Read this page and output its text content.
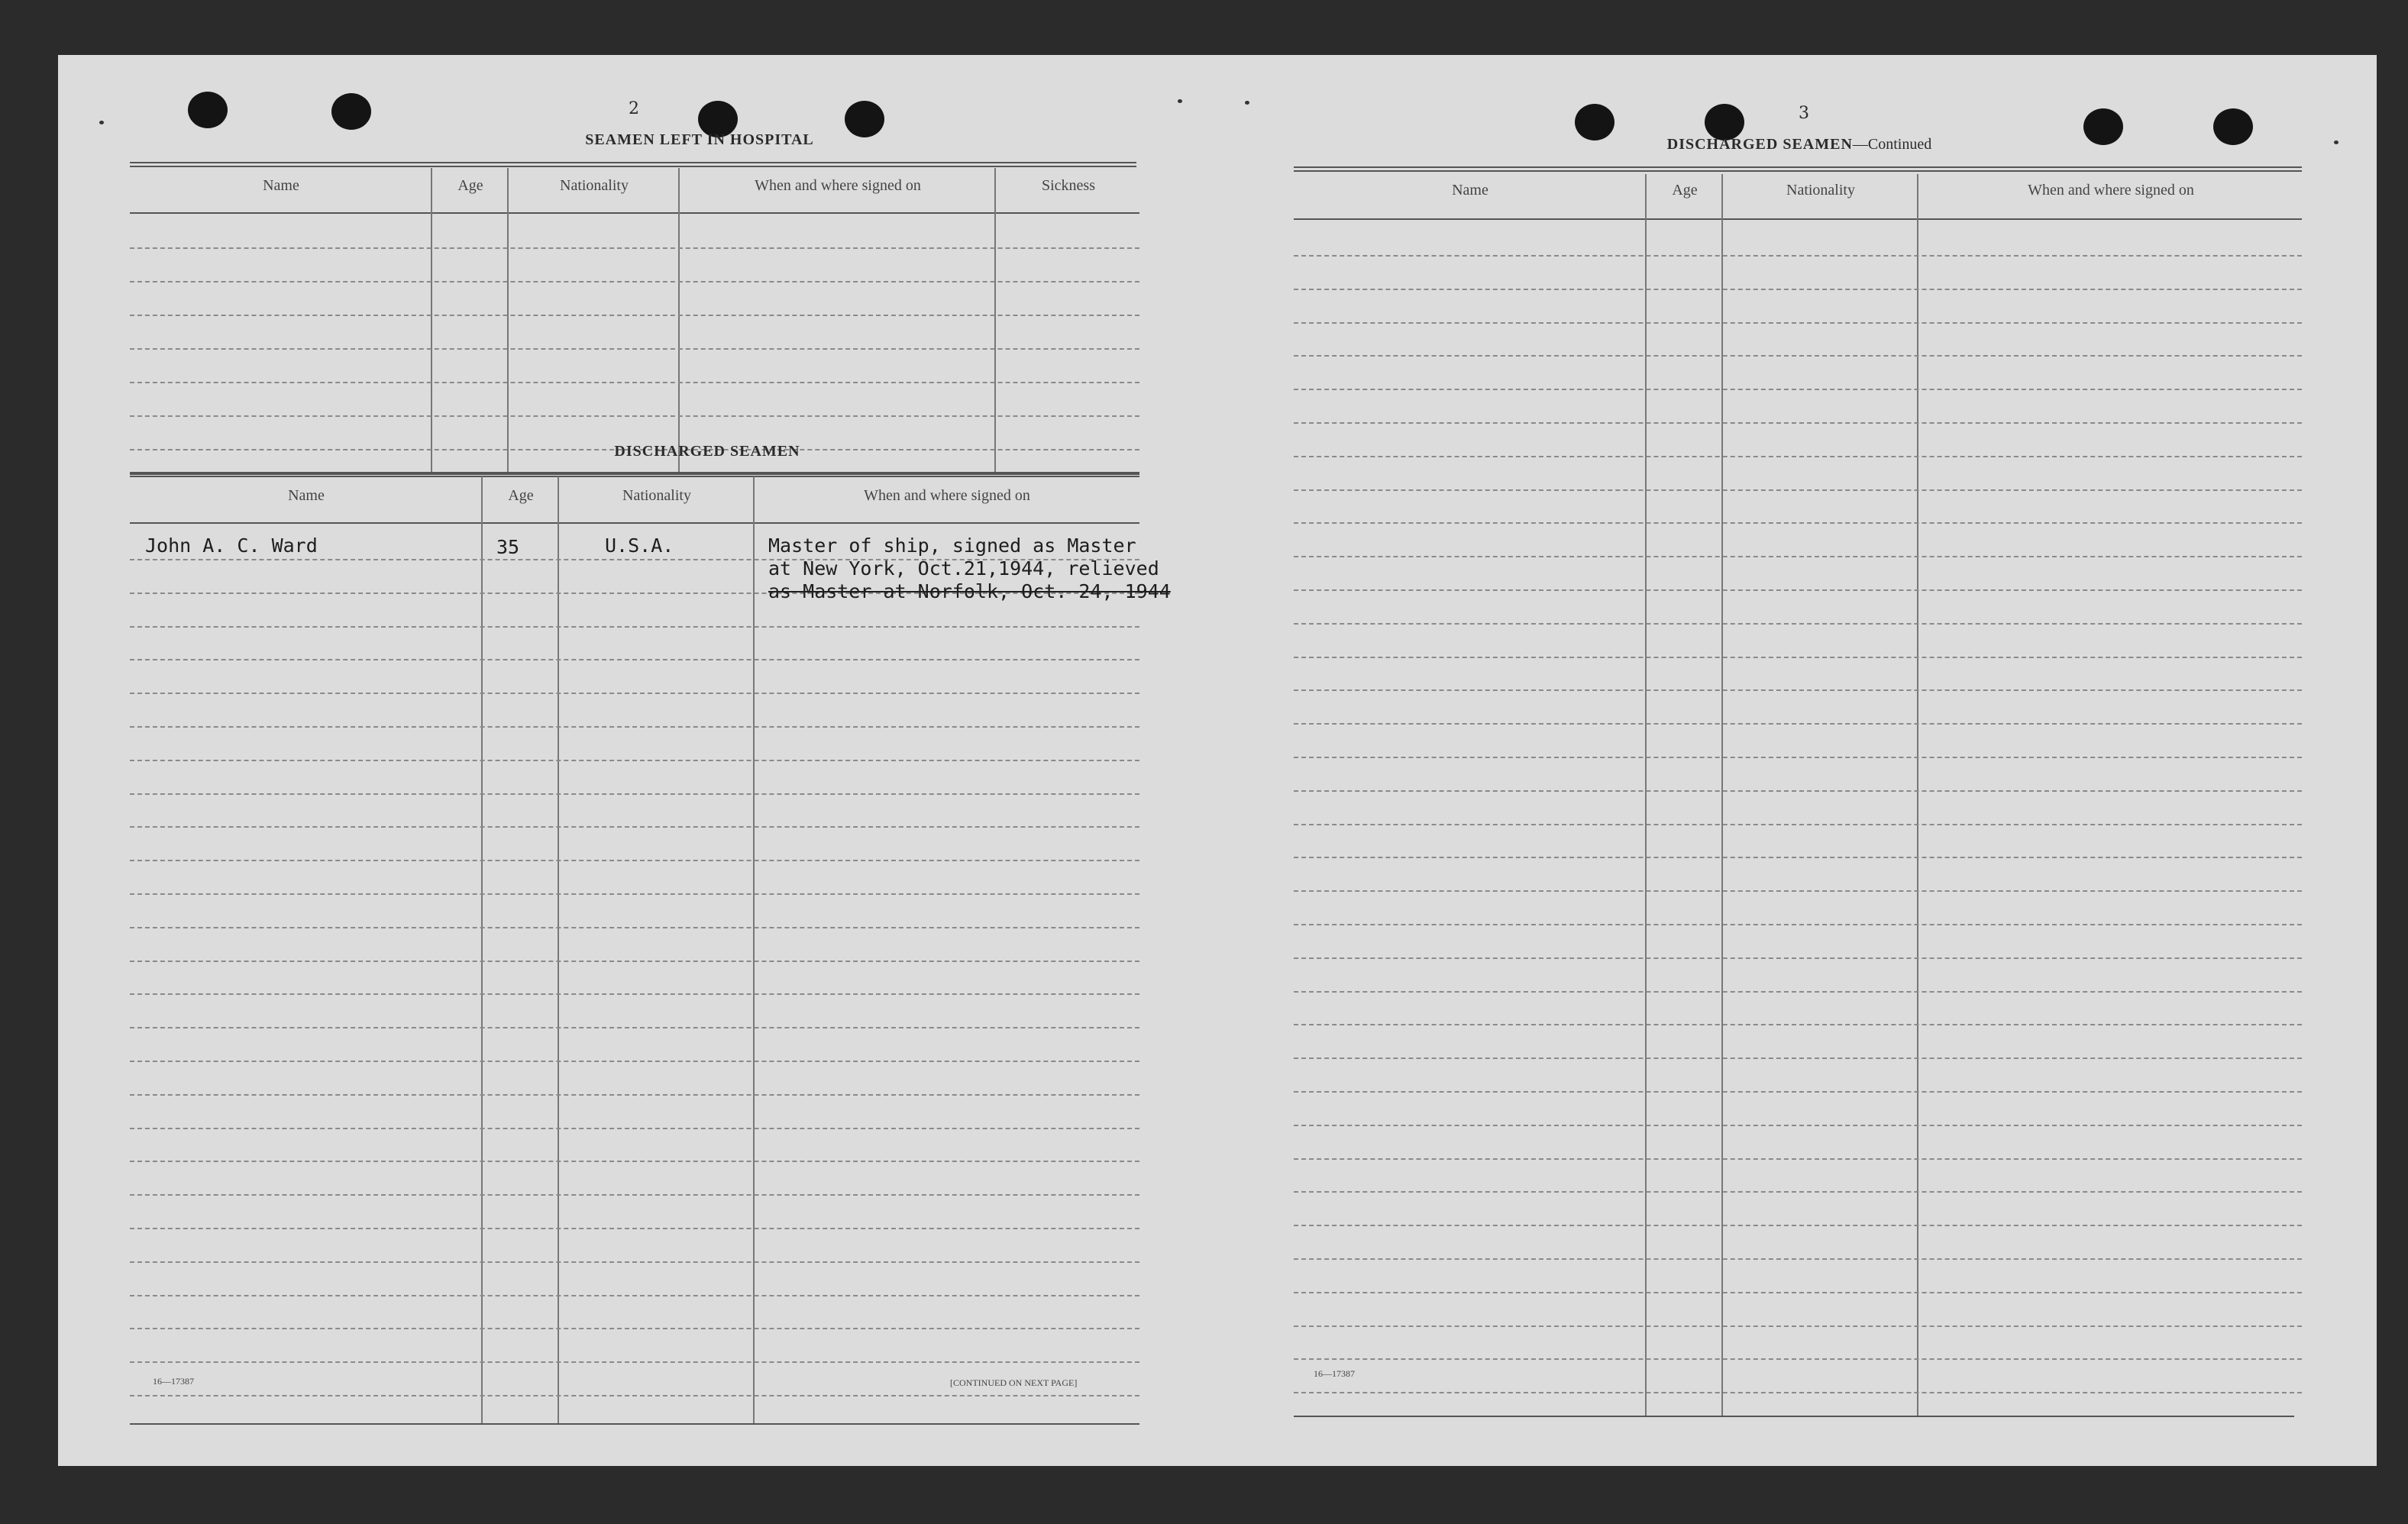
2
SEAMEN LEFT IN HOSPITAL
Name	Age	Nationality	When and where signed on	Sickness
DISCHARGED SEAMEN
Name	Age	Nationality	When and where signed on
John A. C. Ward	35	U.S.A.	Master of ship, signed as Master
at New York, Oct.21,1944, relieved
as Master at Norfolk, Oct. 24, 1944
16—17387	[CONTINUED ON NEXT PAGE]
3
DISCHARGED SEAMEN—Continued
Name	Age	Nationality	When and where signed on
16—17387
